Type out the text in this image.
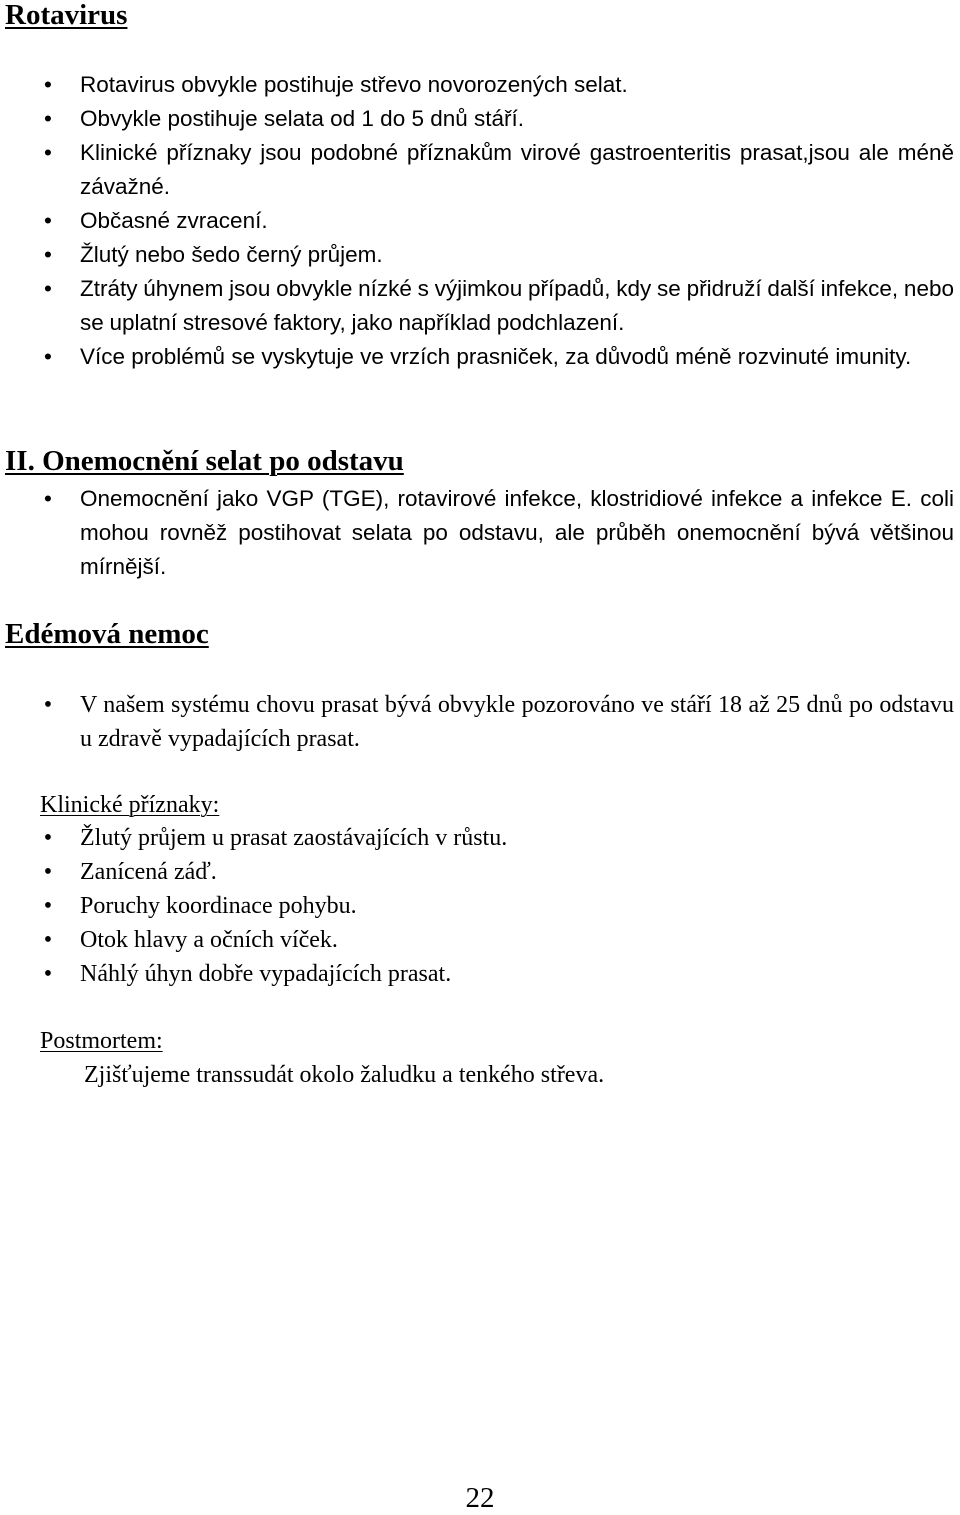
Rotavirus
• Rotavirus obvykle postihuje střevo novorozených selat.
• Obvykle postihuje selata od 1 do 5 dnů stáří.
• Klinické příznaky jsou podobné příznakům virové gastroenteritis prasat,jsou ale méně závažné.
• Občasné zvracení.
• Žlutý nebo šedo černý průjem.
• Ztráty úhynem jsou obvykle nízké s výjimkou případů, kdy se přidruží další infekce, nebo se uplatní stresové faktory, jako například podchlazení.
• Více problémů se vyskytuje ve vrzích prasniček, za důvodů méně rozvinuté imunity.
II. Onemocnění selat po odstavu
• Onemocnění jako VGP (TGE), rotavirové infekce, klostridiové infekce a infekce E. coli mohou rovněž postihovat selata po odstavu, ale průběh onemocnění bývá většinou mírnější.
Edémová nemoc
• V našem systému chovu prasat bývá obvykle pozorováno ve stáří 18 až 25 dnů po odstavu u zdravě vypadajících prasat.
Klinické příznaky:
• Žlutý průjem u prasat zaostávajících v růstu.
• Zanícená záď.
• Poruchy koordinace pohybu.
• Otok hlavy a očních víček.
• Náhlý úhyn dobře vypadajících prasat.
Postmortem:
Zjišťujeme transsudát okolo žaludku a tenkého střeva.
22
